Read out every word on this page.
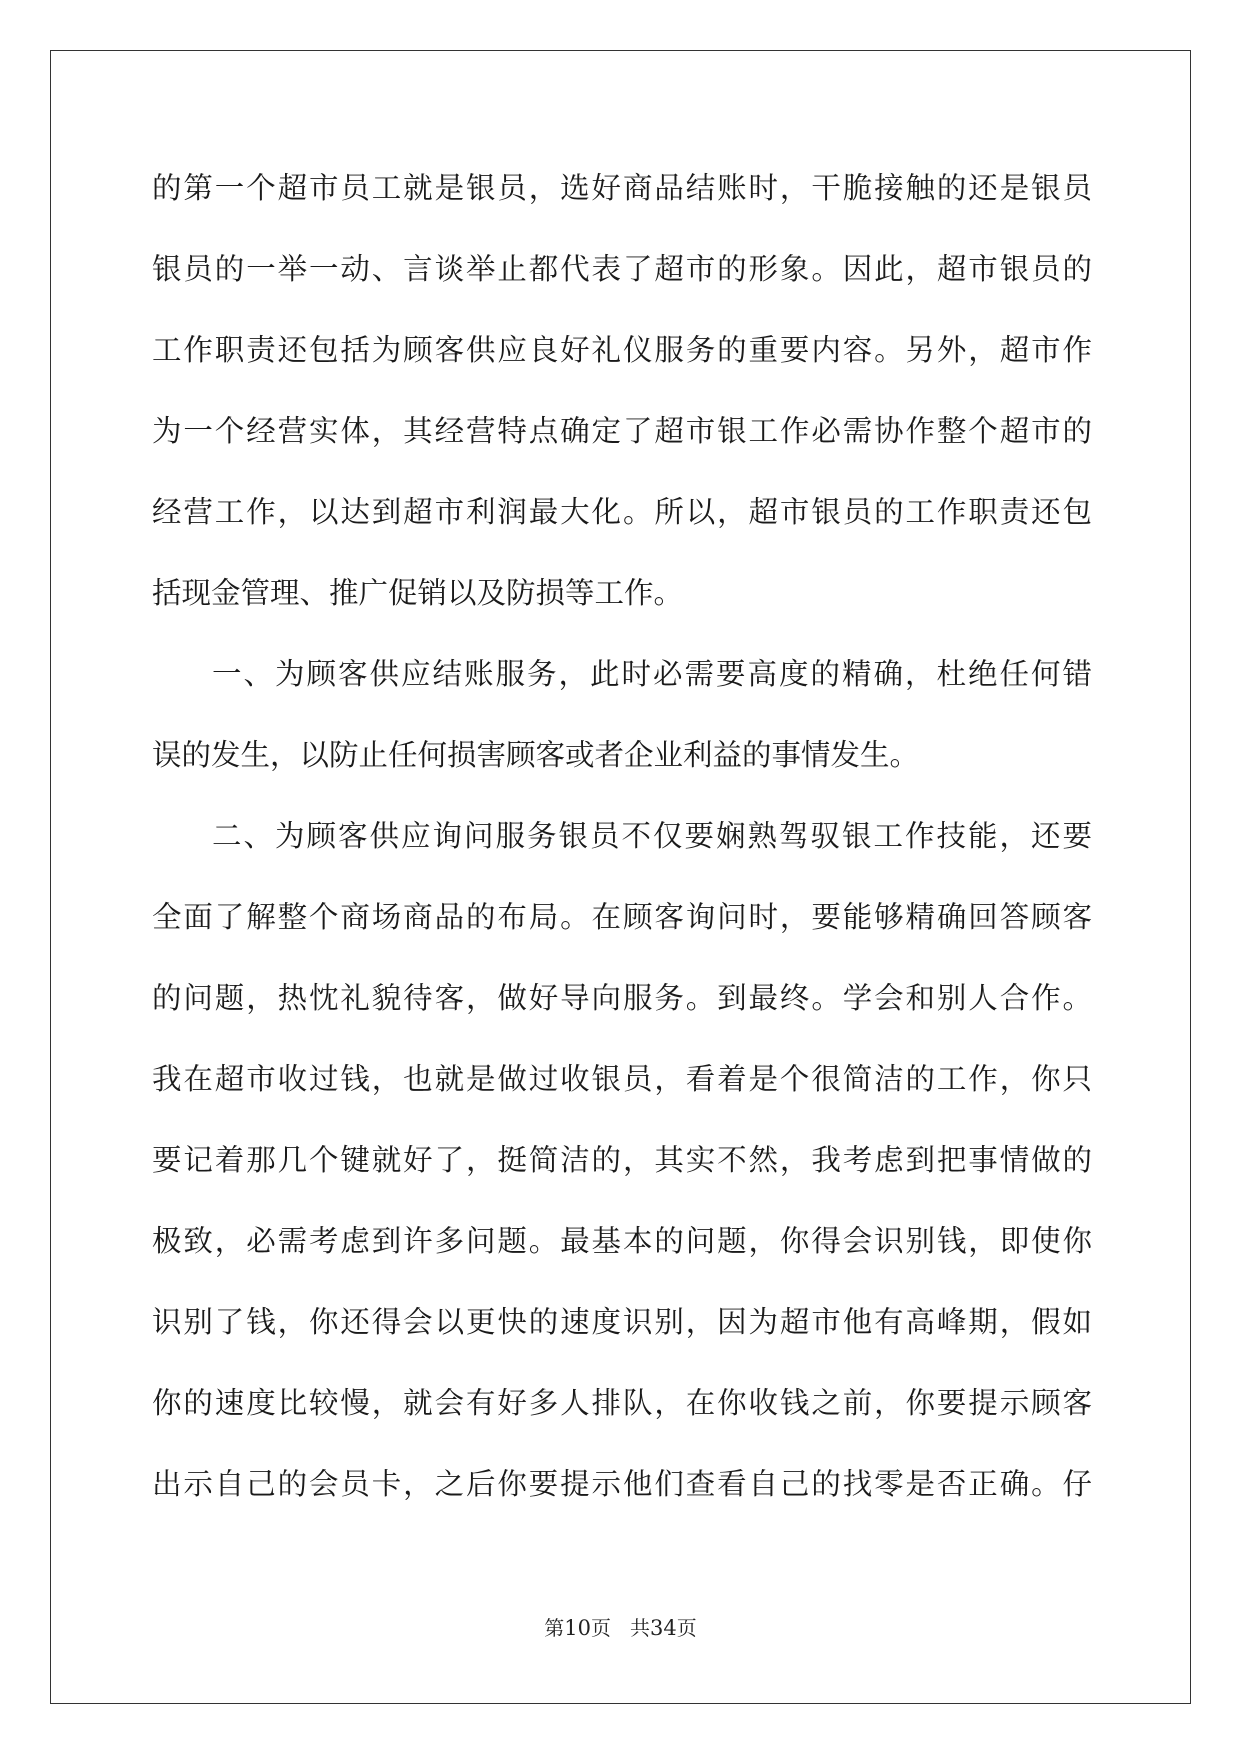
的第一个超市员工就是银员，选好商品结账时，干脆接触的还是银员
银员的一举一动、言谈举止都代表了超市的形象。因此，超市银员的
工作职责还包括为顾客供应良好礼仪服务的重要内容。另外，超市作
为一个经营实体，其经营特点确定了超市银工作必需协作整个超市的
经营工作，以达到超市利润最大化。所以，超市银员的工作职责还包
括现金管理、推广促销以及防损等工作。
一、为顾客供应结账服务，此时必需要高度的精确，杜绝任何错
误的发生，以防止任何损害顾客或者企业利益的事情发生。
二、为顾客供应询问服务银员不仅要娴熟驾驭银工作技能，还要
全面了解整个商场商品的布局。在顾客询问时，要能够精确回答顾客
的问题，热忱礼貌待客，做好导向服务。到最终。学会和别人合作。
我在超市收过钱，也就是做过收银员，看着是个很简洁的工作，你只
要记着那几个键就好了，挺简洁的，其实不然，我考虑到把事情做的
极致，必需考虑到许多问题。最基本的问题，你得会识别钱，即使你
识别了钱，你还得会以更快的速度识别，因为超市他有高峰期，假如
你的速度比较慢，就会有好多人排队，在你收钱之前，你要提示顾客
出示自己的会员卡，之后你要提示他们查看自己的找零是否正确。仔
第10页 共34页
